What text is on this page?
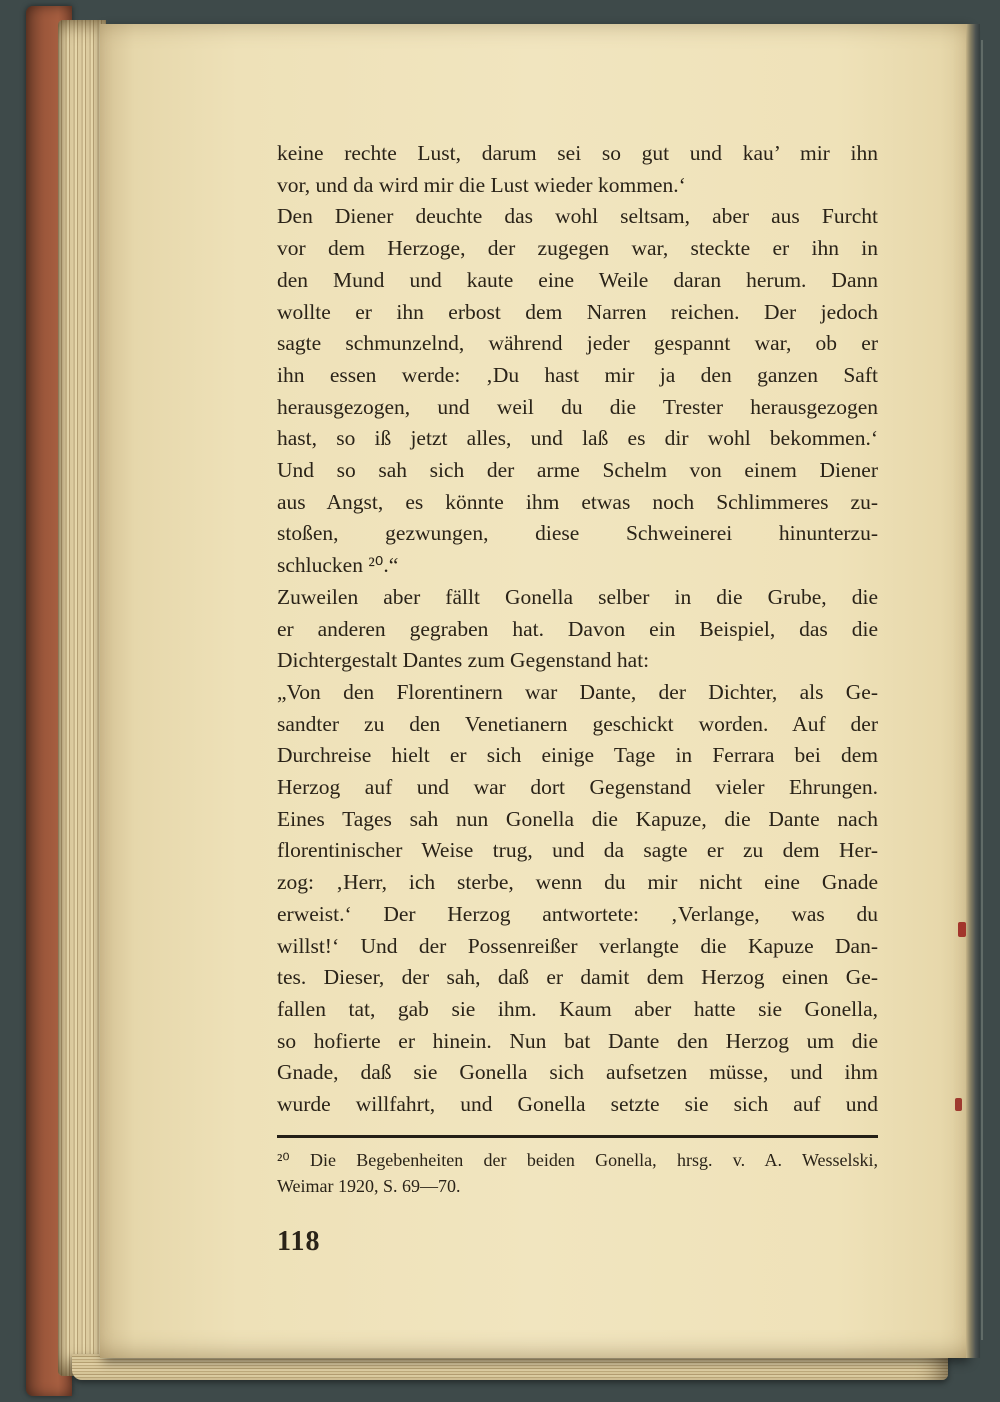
keine rechte Lust, darum sei so gut und kau’ mir ihn
vor, und da wird mir die Lust wieder kommen.‘
Den Diener deuchte das wohl seltsam, aber aus Furcht
vor dem Herzoge, der zugegen war, steckte er ihn in
den Mund und kaute eine Weile daran herum. Dann
wollte er ihn erbost dem Narren reichen. Der jedoch
sagte schmunzelnd, während jeder gespannt war, ob er
ihn essen werde: ‚Du hast mir ja den ganzen Saft
herausgezogen, und weil du die Trester herausgezogen
hast, so iß jetzt alles, und laß es dir wohl bekommen.‘
Und so sah sich der arme Schelm von einem Diener
aus Angst, es könnte ihm etwas noch Schlimmeres zu-
stoßen, gezwungen, diese Schweinerei hinunterzu-
schlucken ²⁰.“
Zuweilen aber fällt Gonella selber in die Grube, die
er anderen gegraben hat. Davon ein Beispiel, das die
Dichtergestalt Dantes zum Gegenstand hat:
„Von den Florentinern war Dante, der Dichter, als Ge-
sandter zu den Venetianern geschickt worden. Auf der
Durchreise hielt er sich einige Tage in Ferrara bei dem
Herzog auf und war dort Gegenstand vieler Ehrungen.
Eines Tages sah nun Gonella die Kapuze, die Dante nach
florentinischer Weise trug, und da sagte er zu dem Her-
zog: ‚Herr, ich sterbe, wenn du mir nicht eine Gnade
erweist.‘ Der Herzog antwortete: ‚Verlange, was du
willst!‘ Und der Possenreißer verlangte die Kapuze Dan-
tes. Dieser, der sah, daß er damit dem Herzog einen Ge-
fallen tat, gab sie ihm. Kaum aber hatte sie Gonella,
so hofierte er hinein. Nun bat Dante den Herzog um die
Gnade, daß sie Gonella sich aufsetzen müsse, und ihm
wurde willfahrt, und Gonella setzte sie sich auf und
²⁰ Die Begebenheiten der beiden Gonella, hrsg. v. A. Wesselski,
Weimar 1920, S. 69—70.
118
